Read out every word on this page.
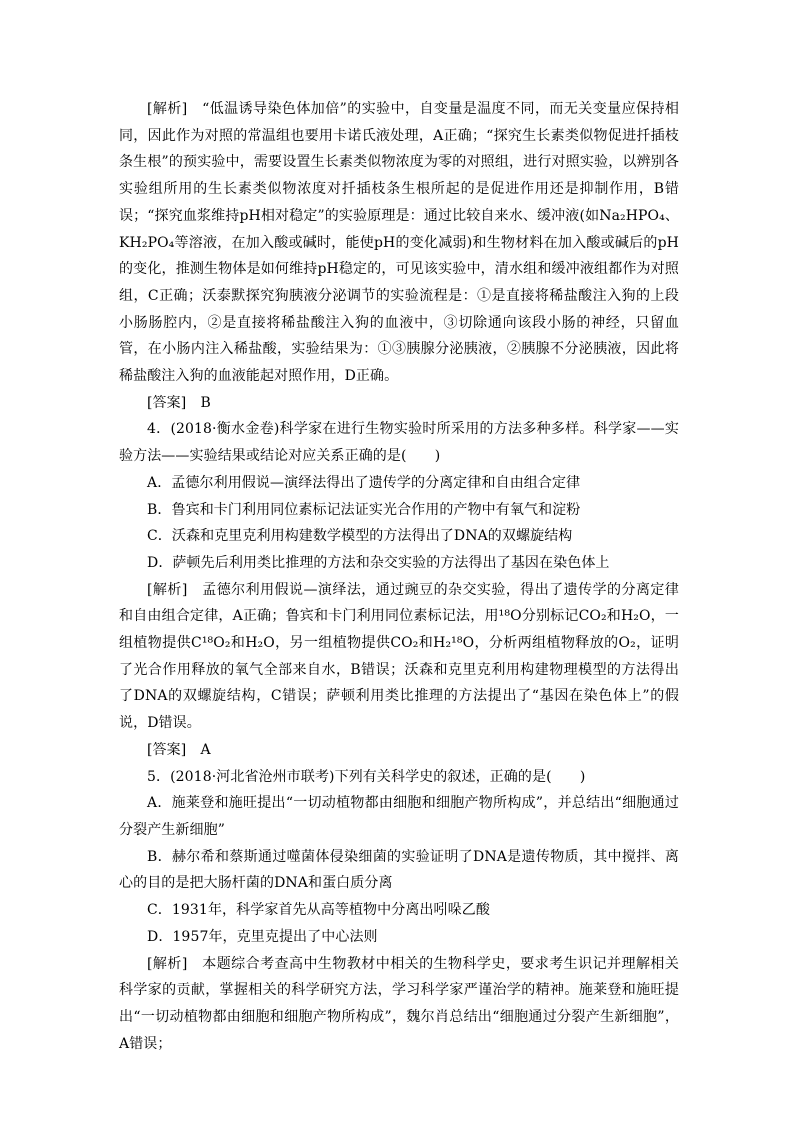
[解析]　 “低温诱导染色体加倍”的实验中，自变量是温度不同，而无关变量应保持相同，因此作为对照的常温组也要用卡诺氏液处理，A正确；“探究生长素类似物促进扦插枝条生根”的预实验中，需要设置生长素类似物浓度为零的对照组，进行对照实验，以辨别各实验组所用的生长素类似物浓度对扦插枝条生根所起的是促进作用还是抑制作用，B错误；“探究血浆维持pH相对稳定”的实验原理是：通过比较自来水、缓冲液(如Na₂HPO₄、KH₂PO₄等溶液，在加入酸或碱时，能使pH的变化减弱)和生物材料在加入酸或碱后的pH的变化，推测生物体是如何维持pH稳定的，可见该实验中，清水组和缓冲液组都作为对照组，C正确；沃泰默探究狗胰液分泌调节的实验流程是：①是直接将稀盐酸注入狗的上段小肠肠腔内，②是直接将稀盐酸注入狗的血液中，③切除通向该段小肠的神经，只留血管，在小肠内注入稀盐酸，实验结果为：①③胰腺分泌胰液，②胰腺不分泌胰液，因此将稀盐酸注入狗的血液能起对照作用，D正确。

[答案]　 B

4．(2018·衡水金卷)科学家在进行生物实验时所采用的方法多种多样。科学家——实验方法——实验结果或结论对应关系正确的是(　　)

A．孟德尔利用假说—演绎法得出了遗传学的分离定律和自由组合定律

B．鲁宾和卡门利用同位素标记法证实光合作用的产物中有氧气和淀粉

C．沃森和克里克利用构建数学模型的方法得出了DNA的双螺旋结构

D．萨顿先后利用类比推理的方法和杂交实验的方法得出了基因在染色体上

[解析]　 孟德尔利用假说—演绎法，通过豌豆的杂交实验，得出了遗传学的分离定律和自由组合定律，A正确；鲁宾和卡门利用同位素标记法，用¹⁸O分别标记CO₂和H₂O，一组植物提供C¹⁸O₂和H₂O，另一组植物提供CO₂和H₂¹⁸O，分析两组植物释放的O₂，证明了光合作用释放的氧气全部来自水，B错误；沃森和克里克利用构建物理模型的方法得出了DNA的双螺旋结构，C错误；萨顿利用类比推理的方法提出了“基因在染色体上”的假说，D错误。

[答案]　 A

5．(2018·河北省沧州市联考)下列有关科学史的叙述，正确的是(　　)

A．施莱登和施旺提出“一切动植物都由细胞和细胞产物所构成”，并总结出“细胞通过分裂产生新细胞”

B．赫尔希和蔡斯通过噬菌体侵染细菌的实验证明了DNA是遗传物质，其中搅拌、离心的目的是把大肠杆菌的DNA和蛋白质分离

C．1931年，科学家首先从高等植物中分离出吲哚乙酸

D．1957年，克里克提出了中心法则

[解析]　 本题综合考查高中生物教材中相关的生物科学史，要求考生识记并理解相关科学家的贡献，掌握相关的科学研究方法，学习科学家严谨治学的精神。施莱登和施旺提出“一切动植物都由细胞和细胞产物所构成”，魏尔肖总结出“细胞通过分裂产生新细胞”，A错误；
